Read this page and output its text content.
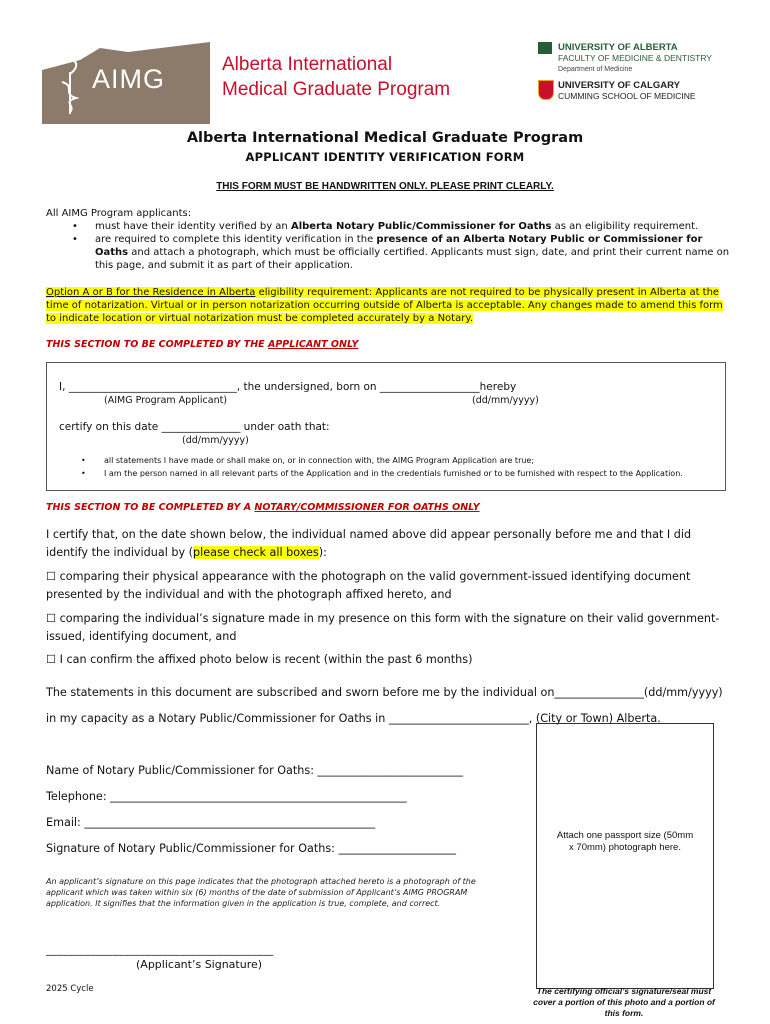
AIMG	Alberta International
Medical Graduate Program
UNIVERSITY OF ALBERTA
FACULTY OF MEDICINE & DENTISTRY
Department of Medicine
UNIVERSITY OF CALGARY
CUMMING SCHOOL OF MEDICINE
Alberta International Medical Graduate Program
APPLICANT IDENTITY VERIFICATION FORM
THIS FORM MUST BE HANDWRITTEN ONLY. PLEASE PRINT CLEARLY.
All AIMG Program applicants:
• must have their identity verified by an Alberta Notary Public/Commissioner for Oaths as an eligibility requirement.
• are required to complete this identity verification in the presence of an Alberta Notary Public or Commissioner for Oaths and attach a photograph, which must be officially certified. Applicants must sign, date, and print their current name on this page, and submit it as part of their application.
Option A or B for the Residence in Alberta eligibility requirement: Applicants are not required to be physically present in Alberta at the time of notarization. Virtual or in person notarization occurring outside of Alberta is acceptable. Any changes made to amend this form to indicate location or virtual notarization must be completed accurately by a Notary.
THIS SECTION TO BE COMPLETED BY THE APPLICANT ONLY
I, ________________________________, the undersigned, born on ___________________hereby
(AIMG Program Applicant)	(dd/mm/yyyy)
certify on this date _______________ under oath that:
(dd/mm/yyyy)
• all statements I have made or shall make on, or in connection with, the AIMG Program Application are true;
• I am the person named in all relevant parts of the Application and in the credentials furnished or to be furnished with respect to the Application.
THIS SECTION TO BE COMPLETED BY A NOTARY/COMMISSIONER FOR OATHS ONLY
I certify that, on the date shown below, the individual named above did appear personally before me and that I did identify the individual by (please check all boxes):
☐ comparing their physical appearance with the photograph on the valid government-issued identifying document presented by the individual and with the photograph affixed hereto, and
☐ comparing the individual’s signature made in my presence on this form with the signature on their valid government-issued, identifying document, and
☐ I can confirm the affixed photo below is recent (within the past 6 months)
The statements in this document are subscribed and sworn before me by the individual on________________(dd/mm/yyyy)
in my capacity as a Notary Public/Commissioner for Oaths in _________________________, (City or Town) Alberta.
Name of Notary Public/Commissioner for Oaths: __________________________
Telephone: _____________________________________________________
Email: ____________________________________________________
Signature of Notary Public/Commissioner for Oaths: _____________________
Attach one passport size (50mm x 70mm) photograph here.
The certifying official’s signature/seal must cover a portion of this photo and a portion of this form.
An applicant’s signature on this page indicates that the photograph attached hereto is a photograph of the applicant which was taken within six (6) months of the date of submission of Applicant’s AIMG PROGRAM application. It signifies that the information given in the application is true, complete, and correct.
_________________________________________
(Applicant’s Signature)
2025 Cycle
